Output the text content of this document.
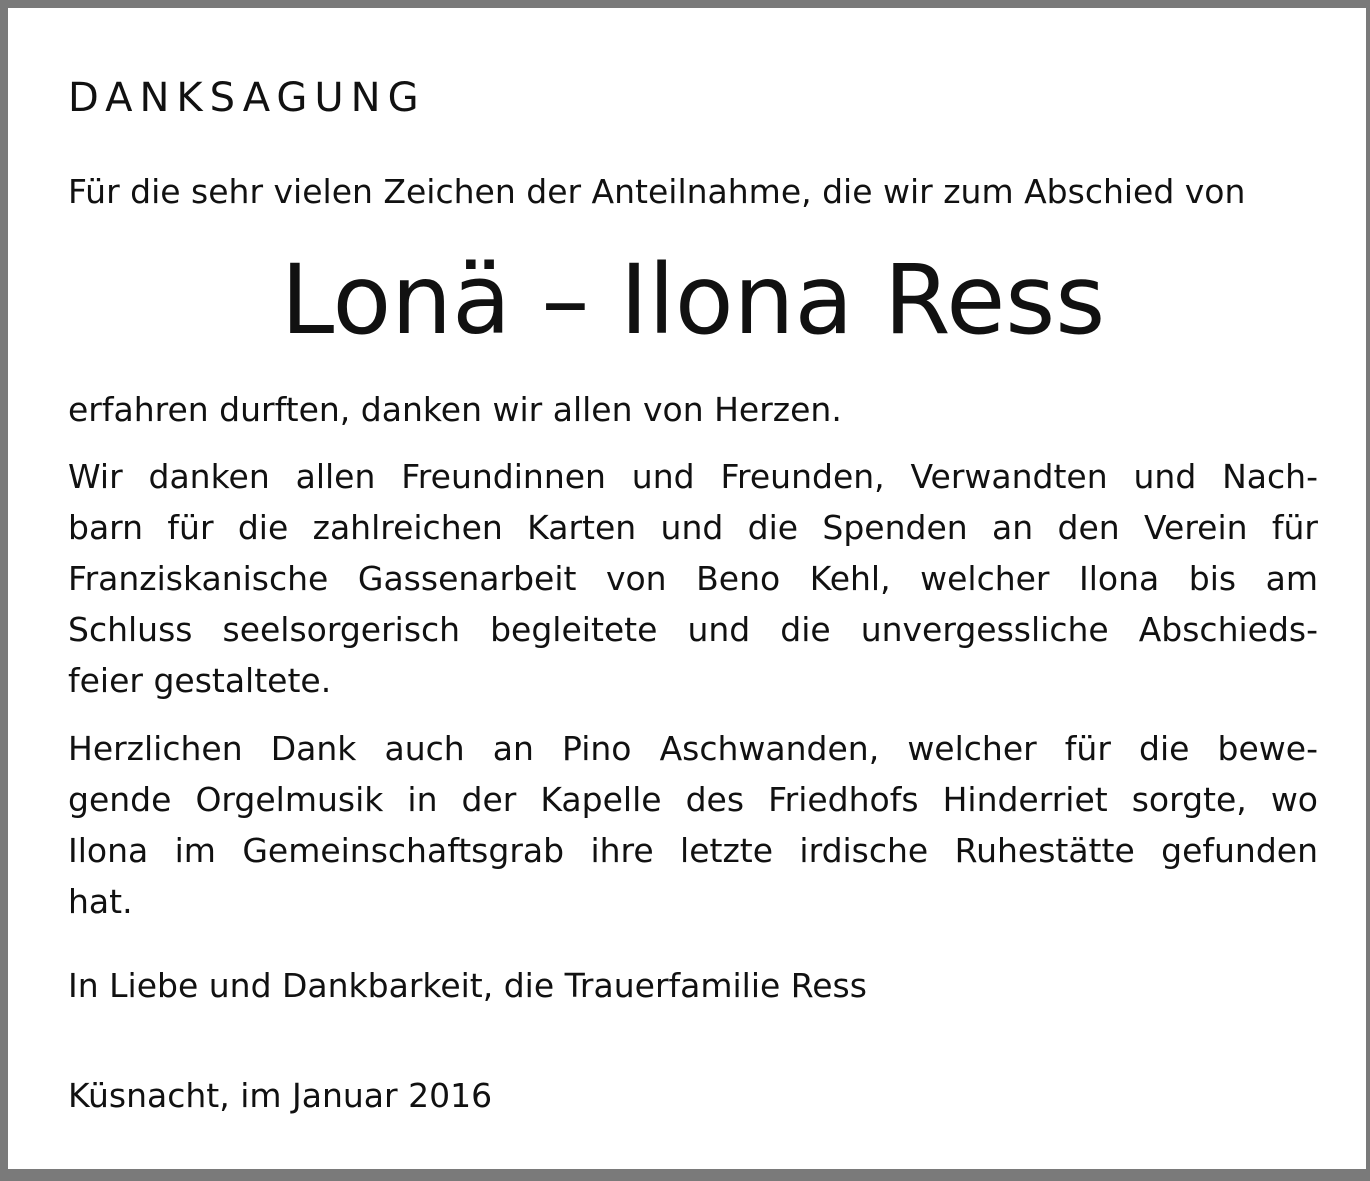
DANKSAGUNG

Für die sehr vielen Zeichen der Anteilnahme, die wir zum Abschied von

Lonä – Ilona Ress

erfahren durften, danken wir allen von Herzen.

Wir danken allen Freundinnen und Freunden, Verwandten und Nach-
barn für die zahlreichen Karten und die Spenden an den Verein für
Franziskanische Gassenarbeit von Beno Kehl, welcher Ilona bis am
Schluss seelsorgerisch begleitete und die unvergessliche Abschieds-
feier gestaltete.
Herzlichen Dank auch an Pino Aschwanden, welcher für die bewe-
gende Orgelmusik in der Kapelle des Friedhofs Hinderriet sorgte, wo
Ilona im Gemeinschaftsgrab ihre letzte irdische Ruhestätte gefunden
hat.

In Liebe und Dankbarkeit, die Trauerfamilie Ress

Küsnacht, im Januar 2016
